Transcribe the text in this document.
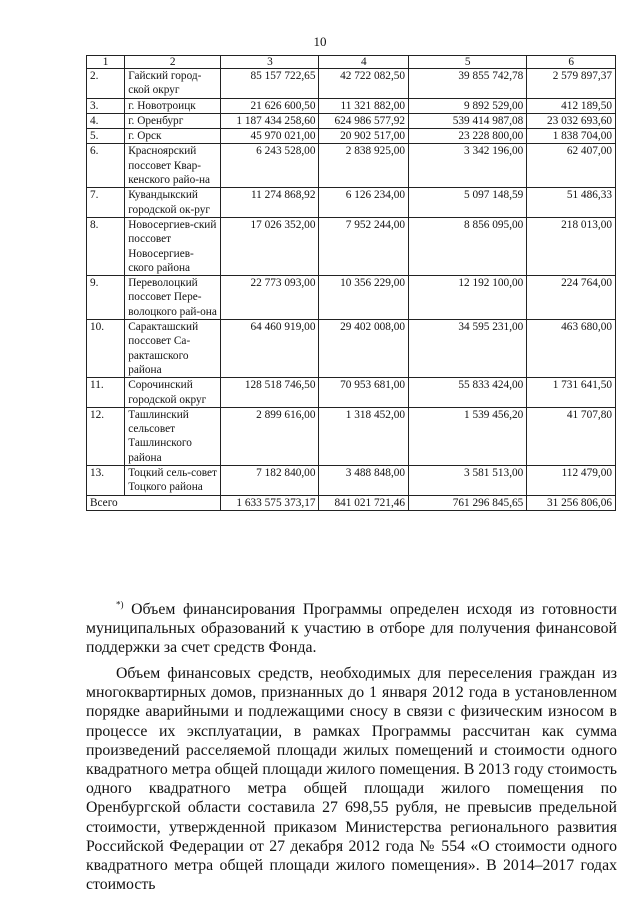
10
1	2	3	4	5	6
2.	Гайский город-ской округ	85 157 722,65	42 722 082,50	39 855 742,78	2 579 897,37
3.	г. Новотроицк	21 626 600,50	11 321 882,00	9 892 529,00	412 189,50
4.	г. Оренбург	1 187 434 258,60	624 986 577,92	539 414 987,08	23 032 693,60
5.	г. Орск	45 970 021,00	20 902 517,00	23 228 800,00	1 838 704,00
6.	Красноярский поссовет Квар-кенского райо-на	6 243 528,00	2 838 925,00	3 342 196,00	62 407,00
7.	Кувандыкский городской ок-руг	11 274 868,92	6 126 234,00	5 097 148,59	51 486,33
8.	Новосергиев-ский поссовет Новосергиев-ского района	17 026 352,00	7 952 244,00	8 856 095,00	218 013,00
9.	Переволоцкий поссовет Пере-волоцкого рай-она	22 773 093,00	10 356 229,00	12 192 100,00	224 764,00
10.	Саракташский поссовет Са-ракташского района	64 460 919,00	29 402 008,00	34 595 231,00	463 680,00
11.	Сорочинский городской округ	128 518 746,50	70 953 681,00	55 833 424,00	1 731 641,50
12.	Ташлинский сельсовет Ташлинского района	2 899 616,00	1 318 452,00	1 539 456,20	41 707,80
13.	Тоцкий сель-совет Тоцкого района	7 182 840,00	3 488 848,00	3 581 513,00	112 479,00
Всего		1 633 575 373,17	841 021 721,46	761 296 845,65	31 256 806,06
*) Объем финансирования Программы определен исходя из готовности муниципальных образований к участию в отборе для получения финансовой поддержки за счет средств Фонда.
Объем финансовых средств, необходимых для переселения граждан из многоквартирных домов, признанных до 1 января 2012 года в установленном порядке аварийными и подлежащими сносу в связи с физическим износом в процессе их эксплуатации, в рамках Программы рассчитан как сумма произведений расселяемой площади жилых помещений и стоимости одного квадратного метра общей площади жилого помещения. В 2013 году стоимость одного квадратного метра общей площади жилого помещения по Оренбургской области составила 27 698,55 рубля, не превысив предельной стоимости, утвержденной приказом Министерства регионального развития Российской Федерации от 27 декабря 2012 года № 554 «О стоимости одного квадратного метра общей площади жилого помещения». В 2014–2017 годах стоимость
